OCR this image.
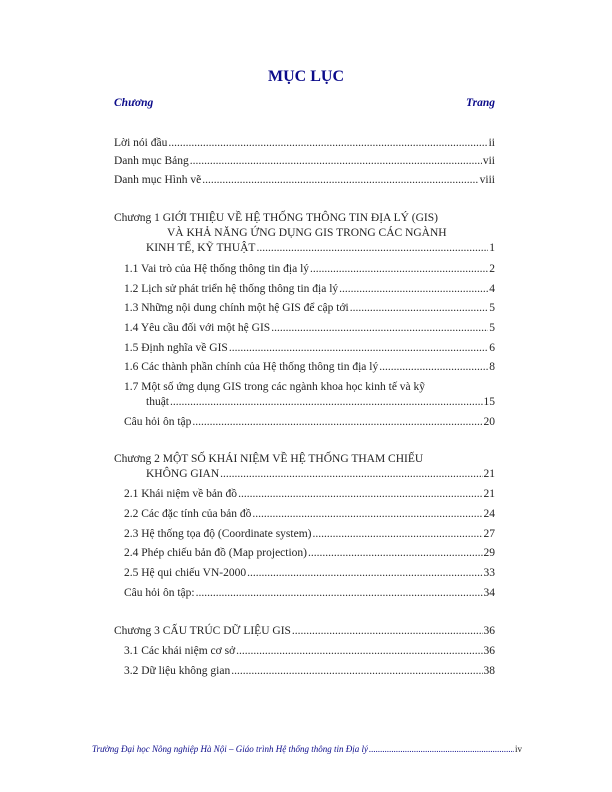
MỤC LỤC
Chương	Trang
Lời nói đầu .....	ii
Danh mục Bảng .....	vii
Danh mục Hình vẽ .....	viii
Chương 1 GIỚI THIỆU VỀ HỆ THỐNG THÔNG TIN ĐỊA LÝ (GIS)
VÀ KHẢ NĂNG ỨNG DỤNG GIS TRONG CÁC NGÀNH
KINH TẾ, KỸ THUẬT .....	1
1.1 Vai trò của Hệ thống thông tin địa lý .....	2
1.2 Lịch sử phát triển hệ thống thông tin địa lý .....	4
1.3 Những nội dung chính một hệ GIS để cập tới .....	5
1.4 Yêu cầu đối với một hệ GIS .....	5
1.5 Định nghĩa về GIS .....	6
1.6 Các thành phần chính của Hệ thống thông tin địa lý .....	8
1.7 Một số ứng dụng GIS trong các ngành khoa học kinh tế và kỹ
thuật .....	15
Câu hỏi ôn tập .....	20
Chương 2 MỘT SỐ KHÁI NIỆM VỀ HỆ THỐNG THAM CHIẾU
KHÔNG GIAN .....	21
2.1 Khái niệm về bản đồ .....	21
2.2 Các đặc tính của bản đồ .....	24
2.3 Hệ thống tọa độ (Coordinate system) .....	27
2.4 Phép chiếu bản đồ (Map projection) .....	29
2.5 Hệ qui chiếu VN-2000 .....	33
Câu hỏi ôn tập: .....	34
Chương 3 CẤU TRÚC DỮ LIỆU GIS .....	36
3.1 Các khái niệm cơ sở .....	36
3.2 Dữ liệu không gian .....	38
Trường Đại học Nông nghiệp Hà Nội – Giáo trình Hệ thống thông tin Địa lý .....	iv
